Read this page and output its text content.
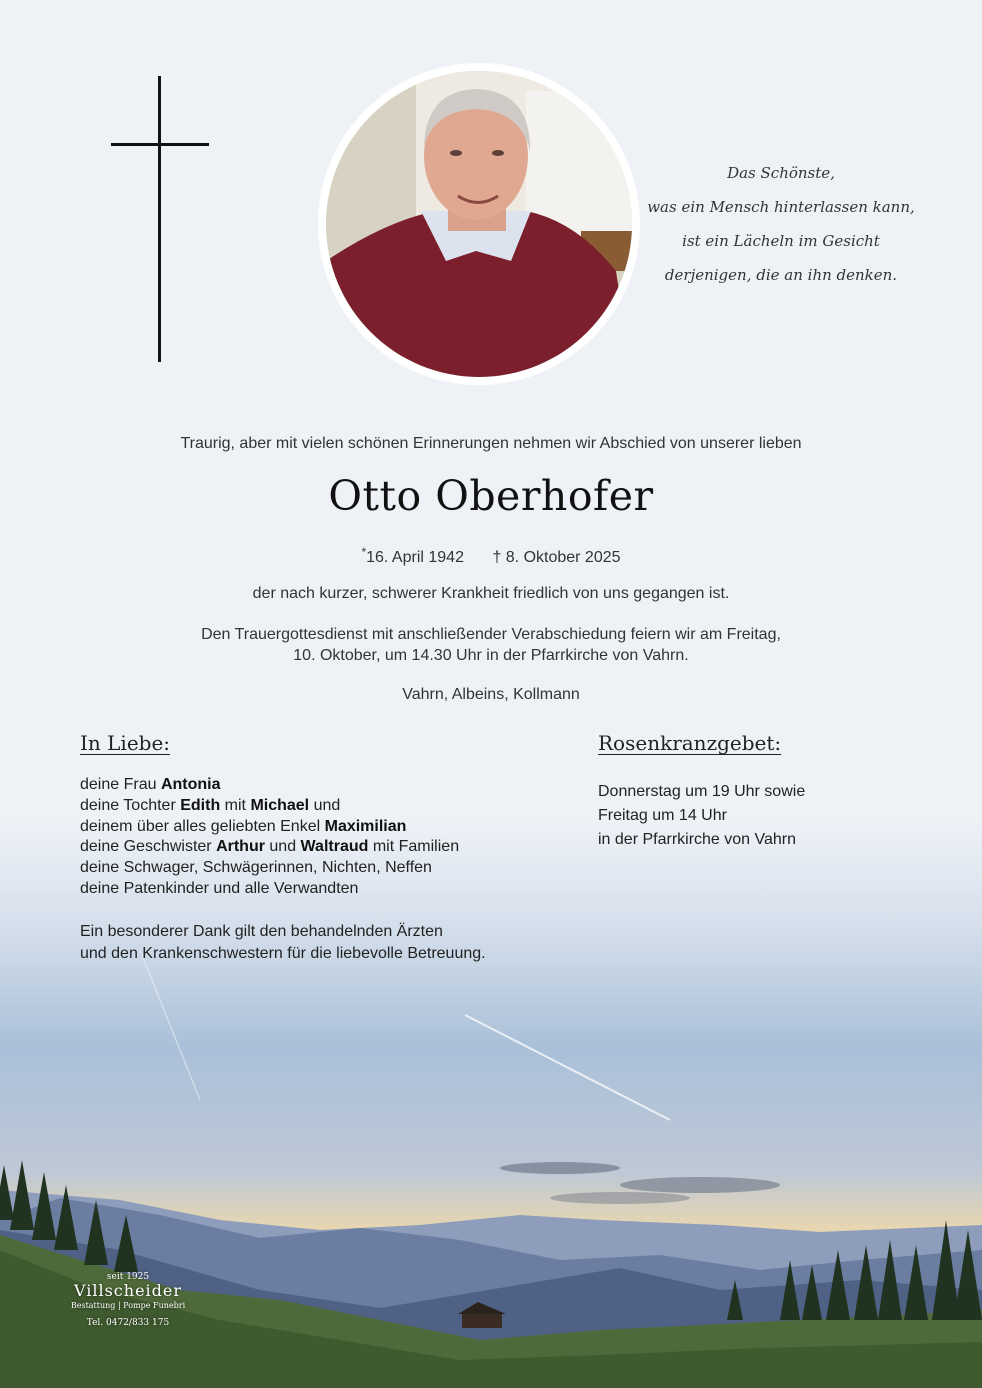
Das Schönste,
was ein Mensch hinterlassen kann,
ist ein Lächeln im Gesicht
derjenigen, die an ihn denken.
Traurig, aber mit vielen schönen Erinnerungen nehmen wir Abschied von unserer lieben
Otto Oberhofer
*16. April 1942 † 8. Oktober 2025
der nach kurzer, schwerer Krankheit friedlich von uns gegangen ist.
Den Trauergottesdienst mit anschließender Verabschiedung feiern wir am Freitag,
10. Oktober, um 14.30 Uhr in der Pfarrkirche von Vahrn.
Vahrn, Albeins, Kollmann
In Liebe:
deine Frau Antonia
deine Tochter Edith mit Michael und
deinem über alles geliebten Enkel Maximilian
deine Geschwister Arthur und Waltraud mit Familien
deine Schwager, Schwägerinnen, Nichten, Neffen
deine Patenkinder und alle Verwandten
Ein besonderer Dank gilt den behandelnden Ärzten
und den Krankenschwestern für die liebevolle Betreuung.
Rosenkranzgebet:
Donnerstag um 19 Uhr sowie
Freitag um 14 Uhr
in der Pfarrkirche von Vahrn
seit 1925
Villscheider
Bestattung | Pompe Funebri
Tel. 0472/833 175
